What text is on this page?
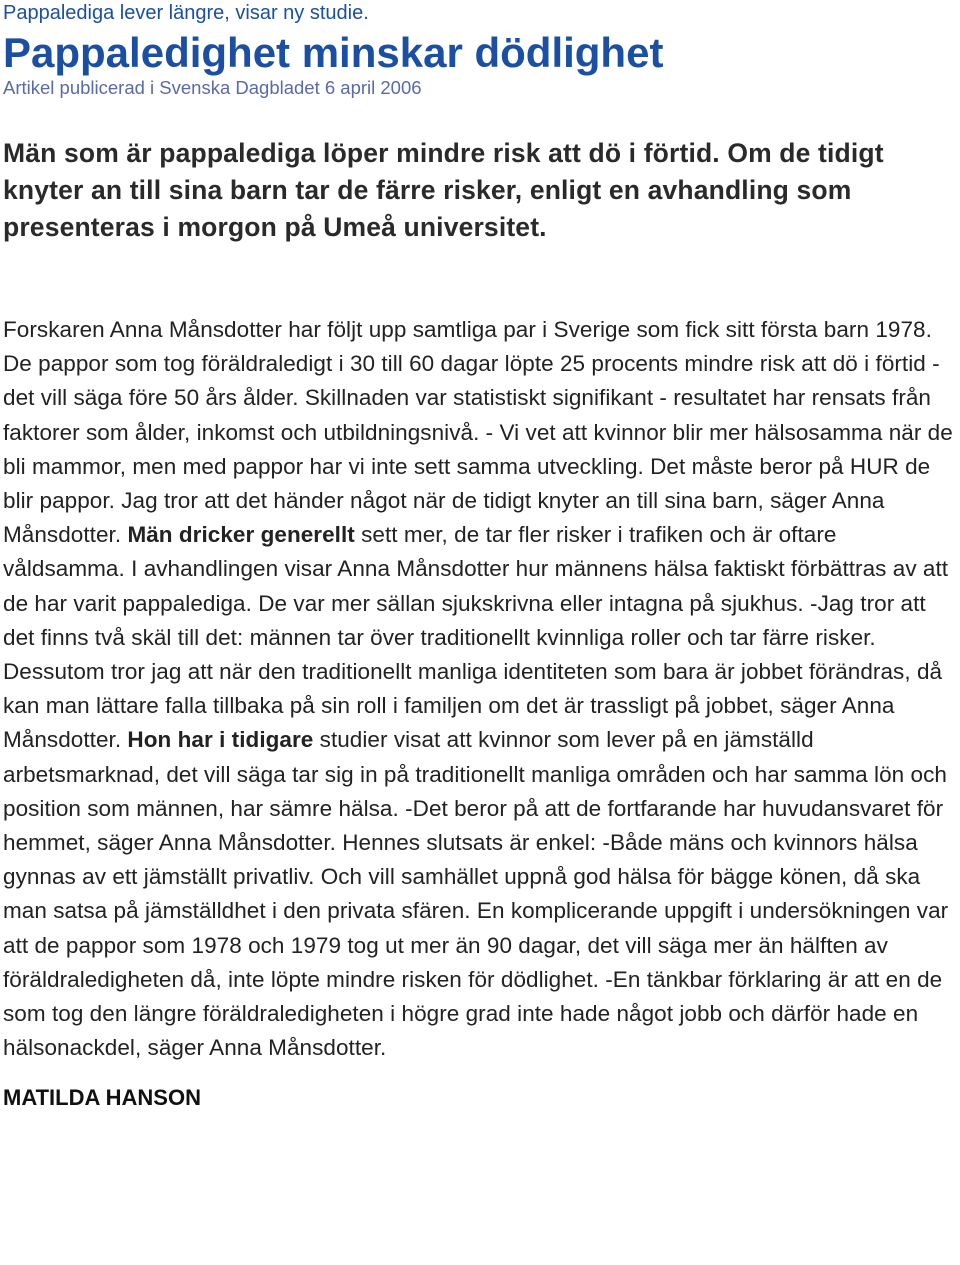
Pappalediga lever längre, visar ny studie.
Pappaledighet minskar dödlighet
Artikel publicerad i Svenska Dagbladet 6 april 2006
Män som är pappalediga löper mindre risk att dö i förtid. Om de tidigt knyter an till sina barn tar de färre risker, enligt en avhandling som presenteras i morgon på Umeå universitet.
Forskaren Anna Månsdotter har följt upp samtliga par i Sverige som fick sitt första barn 1978. De pappor som tog föräldraledigt i 30 till 60 dagar löpte 25 procents mindre risk att dö i förtid - det vill säga före 50 års ålder. Skillnaden var statistiskt signifikant - resultatet har rensats från faktorer som ålder, inkomst och utbildningsnivå. - Vi vet att kvinnor blir mer hälsosamma när de bli mammor, men med pappor har vi inte sett samma utveckling. Det måste beror på HUR de blir pappor. Jag tror att det händer något när de tidigt knyter an till sina barn, säger Anna Månsdotter. Män dricker generellt sett mer, de tar fler risker i trafiken och är oftare våldsamma. I avhandlingen visar Anna Månsdotter hur männens hälsa faktiskt förbättras av att de har varit pappalediga. De var mer sällan sjukskrivna eller intagna på sjukhus. -Jag tror att det finns två skäl till det: männen tar över traditionellt kvinnliga roller och tar färre risker. Dessutom tror jag att när den traditionellt manliga identiteten som bara är jobbet förändras, då kan man lättare falla tillbaka på sin roll i familjen om det är trassligt på jobbet, säger Anna Månsdotter. Hon har i tidigare studier visat att kvinnor som lever på en jämställd arbetsmarknad, det vill säga tar sig in på traditionellt manliga områden och har samma lön och position som männen, har sämre hälsa. -Det beror på att de fortfarande har huvudansvaret för hemmet, säger Anna Månsdotter. Hennes slutsats är enkel: -Både mäns och kvinnors hälsa gynnas av ett jämställt privatliv. Och vill samhället uppnå god hälsa för bägge könen, då ska man satsa på jämställdhet i den privata sfären. En komplicerande uppgift i undersökningen var att de pappor som 1978 och 1979 tog ut mer än 90 dagar, det vill säga mer än hälften av föräldraledigheten då, inte löpte mindre risken för dödlighet. -En tänkbar förklaring är att en de som tog den längre föräldraledigheten i högre grad inte hade något jobb och därför hade en hälsonackdel, säger Anna Månsdotter.
MATILDA HANSON
